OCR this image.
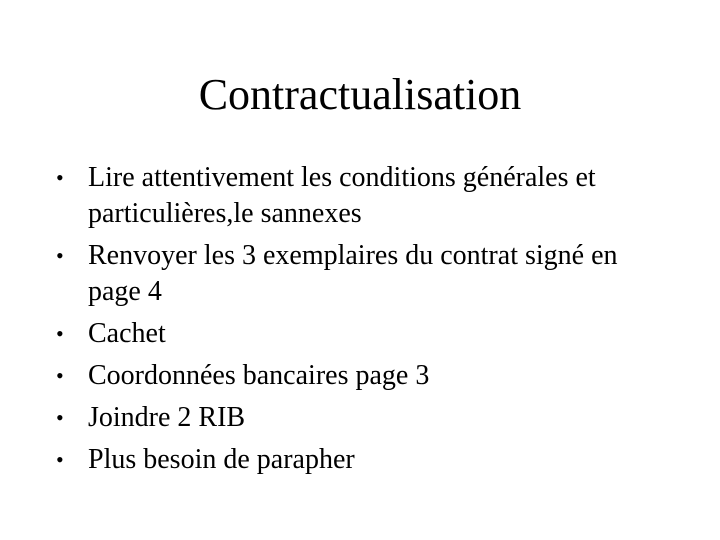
Contractualisation
• Lire attentivement les conditions générales et particulières,le sannexes
• Renvoyer les 3 exemplaires du contrat signé en page 4
• Cachet
• Coordonnées bancaires page 3
• Joindre 2 RIB
• Plus besoin de parapher
